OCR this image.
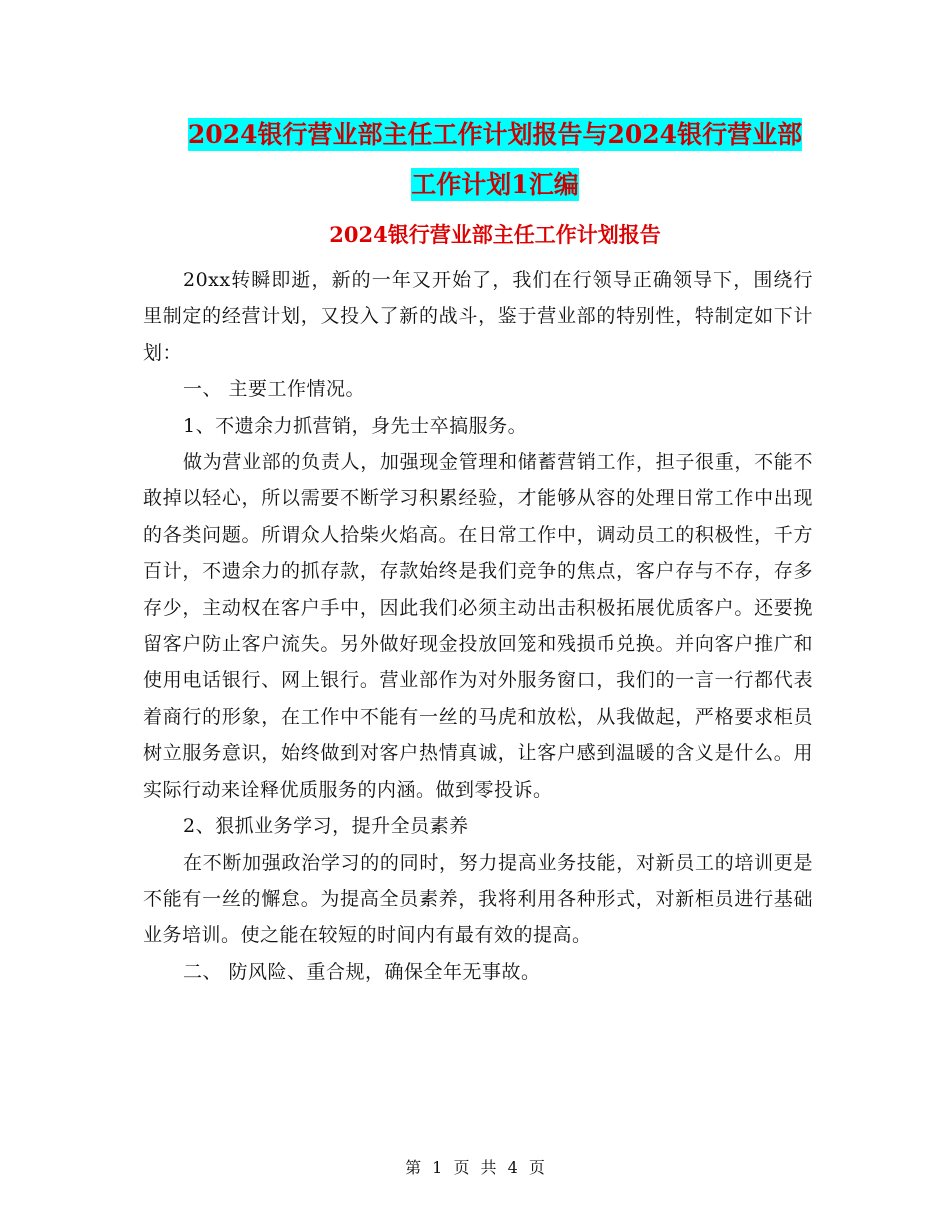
2024银行营业部主任工作计划报告与2024银行营业部
工作计划1汇编
2024银行营业部主任工作计划报告

20xx转瞬即逝，新的一年又开始了，我们在行领导正确领导下，围绕行里制定的经营计划，又投入了新的战斗，鉴于营业部的特别性，特制定如下计划：

一、 主要工作情况。

1、不遗余力抓营销，身先士卒搞服务。

做为营业部的负责人，加强现金管理和储蓄营销工作，担子很重，不能不敢掉以轻心，所以需要不断学习积累经验，才能够从容的处理日常工作中出现的各类问题。所谓众人拾柴火焰高。在日常工作中，调动员工的积极性，千方百计，不遗余力的抓存款，存款始终是我们竞争的焦点，客户存与不存，存多存少，主动权在客户手中，因此我们必须主动出击积极拓展优质客户。还要挽留客户防止客户流失。另外做好现金投放回笼和残损币兑换。并向客户推广和使用电话银行、网上银行。营业部作为对外服务窗口，我们的一言一行都代表着商行的形象，在工作中不能有一丝的马虎和放松，从我做起，严格要求柜员树立服务意识，始终做到对客户热情真诚，让客户感到温暖的含义是什么。用实际行动来诠释优质服务的内涵。做到零投诉。

2、狠抓业务学习，提升全员素养

在不断加强政治学习的的同时，努力提高业务技能，对新员工的培训更是不能有一丝的懈怠。为提高全员素养，我将利用各种形式，对新柜员进行基础业务培训。使之能在较短的时间内有最有效的提高。

二、 防风险、重合规，确保全年无事故。

第 1 页 共 4 页
